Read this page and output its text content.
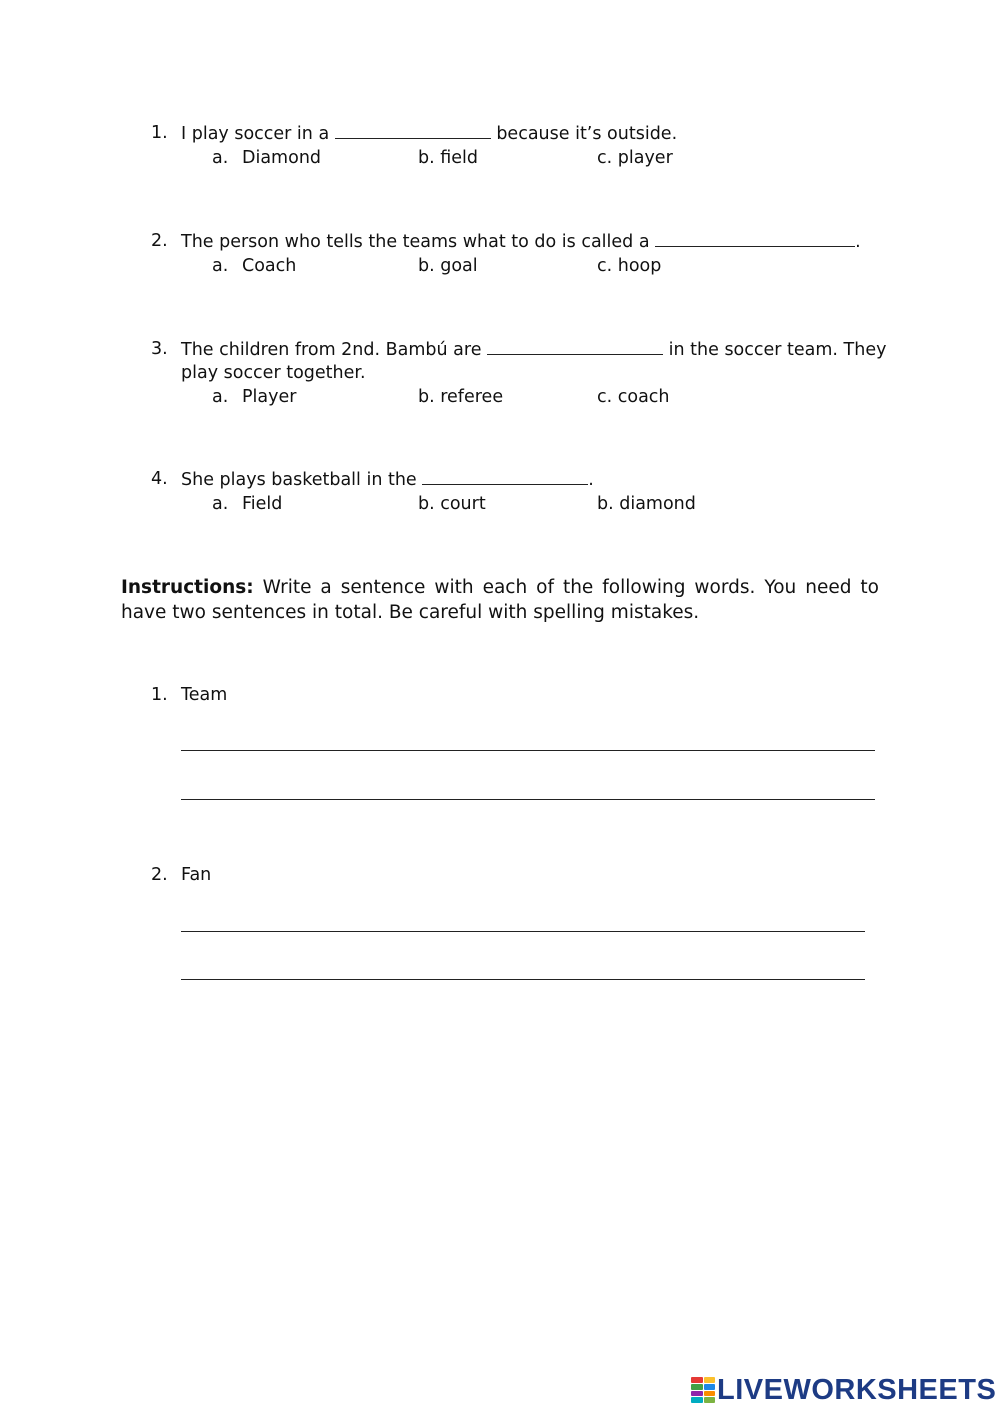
1. I play soccer in a	because it’s outside.
a. Diamond	b. field	c. player
2. The person who tells the teams what to do is called a	.
a. Coach	b. goal	c. hoop
3. The children from 2nd. Bambú are	in the soccer team. They
play soccer together.
a. Player	b. referee	c. coach
4. She plays basketball in the	.
a. Field	b. court	b. diamond
Instructions: Write a sentence with each of the following words. You need to have two sentences in total. Be careful with spelling mistakes.
1. Team
2. Fan
LIVEWORKSHEETS
